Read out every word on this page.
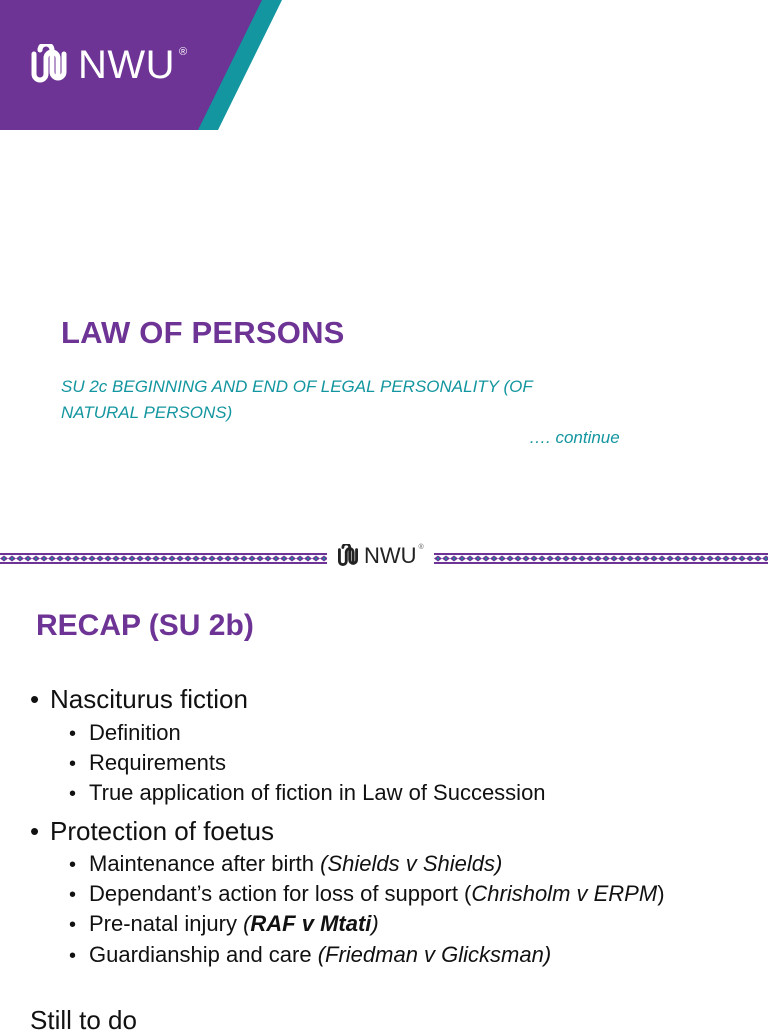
NWU ®
LAW OF PERSONS
SU 2c BEGINNING AND END OF LEGAL PERSONALITY (OF
NATURAL PERSONS)
…. continue
NWU ®
RECAP (SU 2b)
• Nasciturus fiction
• Definition
• Requirements
• True application of fiction in Law of Succession
• Protection of foetus
• Maintenance after birth (Shields v Shields)
• Dependant’s action for loss of support (Chrisholm v ERPM)
• Pre-natal injury (RAF v Mtati)
• Guardianship and care (Friedman v Glicksman)
Still to do
